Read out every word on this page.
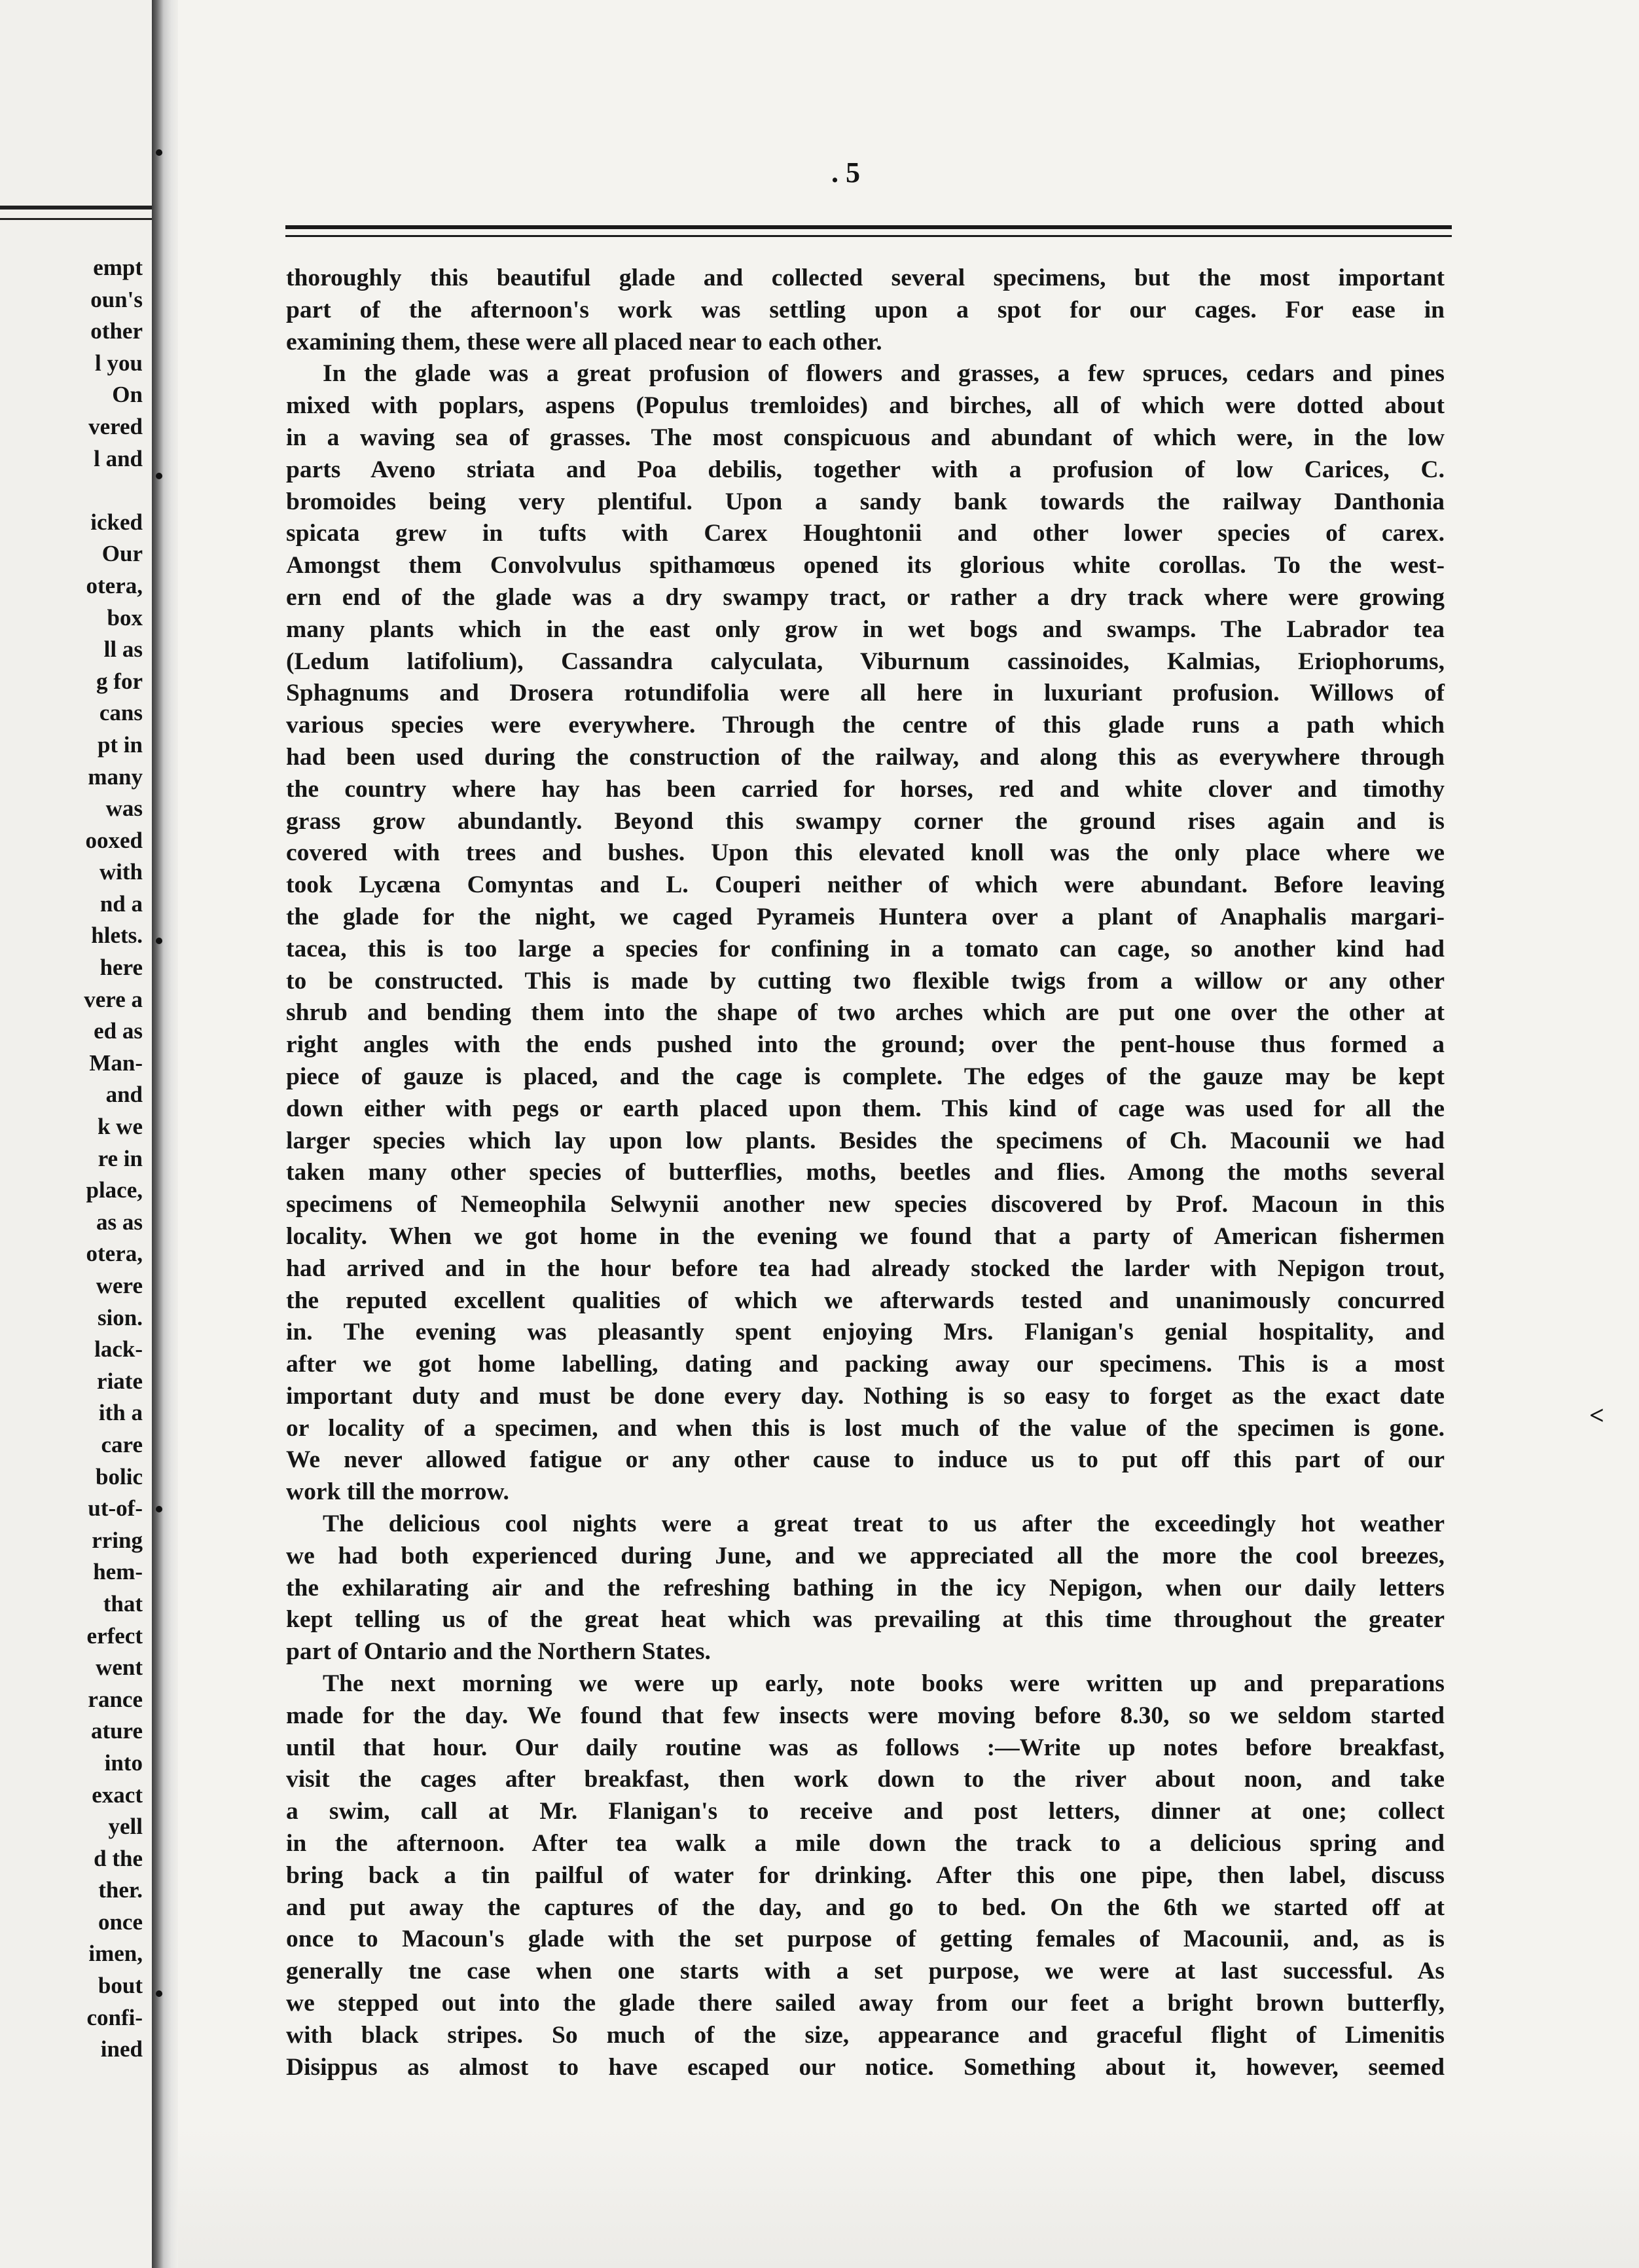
empt
oun's
other
l you
On
vered
l and

icked
Our
otera,
box
ll as
g for
cans
pt in
many
was
ooxed
with
nd a
hlets.
here
vere a
ed as
Man-
and
k we
re in
place,
as as
otera,
were
sion.
lack-
riate
ith a
care
bolic
ut-of-
rring
hem-
that
erfect
went
rance
ature
into
exact
yell
d the
ther.
once
imen,
bout
confi-
ined
. 5
thoroughly this beautiful glade and collected several specimens, but the most important
part of the afternoon's work was settling upon a spot for our cages. For ease in
examining them, these were all placed near to each other.
In the glade was a great profusion of flowers and grasses, a few spruces, cedars and pines
mixed with poplars, aspens (Populus tremloides) and birches, all of which were dotted about
in a waving sea of grasses. The most conspicuous and abundant of which were, in the low
parts Aveno striata and Poa debilis, together with a profusion of low Carices, C.
bromoides being very plentiful. Upon a sandy bank towards the railway Danthonia
spicata grew in tufts with Carex Houghtonii and other lower species of carex.
Amongst them Convolvulus spithamœus opened its glorious white corollas. To the west-
ern end of the glade was a dry swampy tract, or rather a dry track where were growing
many plants which in the east only grow in wet bogs and swamps. The Labrador tea
(Ledum latifolium), Cassandra calyculata, Viburnum cassinoides, Kalmias, Eriophorums,
Sphagnums and Drosera rotundifolia were all here in luxuriant profusion. Willows of
various species were everywhere. Through the centre of this glade runs a path which
had been used during the construction of the railway, and along this as everywhere through
the country where hay has been carried for horses, red and white clover and timothy
grass grow abundantly. Beyond this swampy corner the ground rises again and is
covered with trees and bushes. Upon this elevated knoll was the only place where we
took Lycæna Comyntas and L. Couperi neither of which were abundant. Before leaving
the glade for the night, we caged Pyrameis Huntera over a plant of Anaphalis margari-
tacea, this is too large a species for confining in a tomato can cage, so another kind had
to be constructed. This is made by cutting two flexible twigs from a willow or any other
shrub and bending them into the shape of two arches which are put one over the other at
right angles with the ends pushed into the ground; over the pent-house thus formed a
piece of gauze is placed, and the cage is complete. The edges of the gauze may be kept
down either with pegs or earth placed upon them. This kind of cage was used for all the
larger species which lay upon low plants. Besides the specimens of Ch. Macounii we had
taken many other species of butterflies, moths, beetles and flies. Among the moths several
specimens of Nemeophila Selwynii another new species discovered by Prof. Macoun in this
locality. When we got home in the evening we found that a party of American fishermen
had arrived and in the hour before tea had already stocked the larder with Nepigon trout,
the reputed excellent qualities of which we afterwards tested and unanimously concurred
in. The evening was pleasantly spent enjoying Mrs. Flanigan's genial hospitality, and
after we got home labelling, dating and packing away our specimens. This is a most
important duty and must be done every day. Nothing is so easy to forget as the exact date
or locality of a specimen, and when this is lost much of the value of the specimen is gone.
We never allowed fatigue or any other cause to induce us to put off this part of our
work till the morrow.
The delicious cool nights were a great treat to us after the exceedingly hot weather
we had both experienced during June, and we appreciated all the more the cool breezes,
the exhilarating air and the refreshing bathing in the icy Nepigon, when our daily letters
kept telling us of the great heat which was prevailing at this time throughout the greater
part of Ontario and the Northern States.
The next morning we were up early, note books were written up and preparations
made for the day. We found that few insects were moving before 8.30, so we seldom started
until that hour. Our daily routine was as follows :—Write up notes before breakfast,
visit the cages after breakfast, then work down to the river about noon, and take
a swim, call at Mr. Flanigan's to receive and post letters, dinner at one; collect
in the afternoon. After tea walk a mile down the track to a delicious spring and
bring back a tin pailful of water for drinking. After this one pipe, then label, discuss
and put away the captures of the day, and go to bed. On the 6th we started off at
once to Macoun's glade with the set purpose of getting females of Macounii, and, as is
generally tne case when one starts with a set purpose, we were at last successful. As
we stepped out into the glade there sailed away from our feet a bright brown butterfly,
with black stripes. So much of the size, appearance and graceful flight of Limenitis
Disippus as almost to have escaped our notice. Something about it, however, seemed
<
